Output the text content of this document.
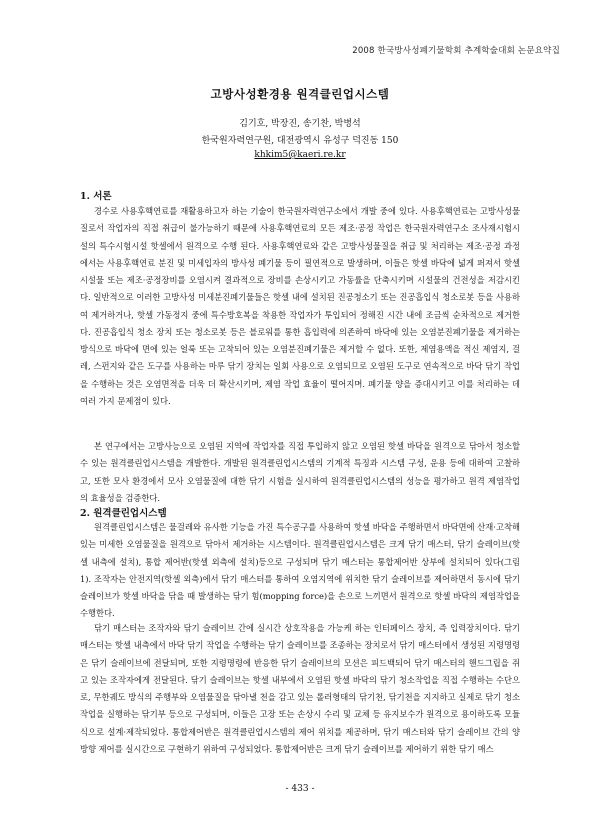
2008 한국방사성폐기물학회 추계학술대회 논문요약집
고방사성환경용 원격클린업시스템
김기호, 박장진, 송기찬, 박병석
한국원자력연구원, 대전광역시 유성구 덕진동 150
khkim5@kaeri.re.kr
1. 서론
경수로 사용후핵연료를 재활용하고자 하는 기술이 한국원자력연구소에서 개발 중에 있다. 사용후핵연료는 고방사성물질로서 작업자의 직접 취급이 불가능하기 때문에 사용후핵연료의 모든 제조·공정 작업은 한국원자력연구소 조사재시험시설의 특수시험시설 핫셀에서 원격으로 수행 된다. 사용후핵연료와 같은 고방사성물질을 취급 및 처리하는 제조·공정 과정에서는 사용후핵연료 분진 및 미세입자의 방사성 폐기물 등이 필연적으로 발생하며, 이들은 핫셀 바닥에 넓게 퍼져서 핫셀 시설물 또는 제조·공정장비를 오염시켜 결과적으로 장비를 손상시키고 가동률을 단축시키며 시설물의 건전성을 저감시킨다. 일반적으로 이러한 고방사성 미세분진폐기물들은 핫셀 내에 설치된 진공청소기 또는 진공흡입식 청소로봇 등을 사용하여 제거하거나, 핫셀 가동정지 중에 특수방호복을 착용한 작업자가 투입되어 정해진 시간 내에 조금씩 순차적으로 제거한다. 진공흡입식 청소 장치 또는 청소로봇 등은 블로워를 통한 흡입력에 의존하여 바닥에 있는 오염분진폐기물을 제거하는 방식으로 바닥에 면에 있는 얼룩 또는 고착되어 있는 오염분진폐기물은 제거할 수 없다. 또한, 제염용액을 적신 제염지, 걸레, 스펀지와 같은 도구를 사용하는 마루 닦기 장치는 일회 사용으로 오염되므로 오염된 도구로 연속적으로 바닥 닦기 작업을 수행하는 것은 오염면적을 더욱 더 확산시키며, 제염 작업 효율이 떨어지며. 폐기물 양을 증대시키고 이를 처리하는 데 여러 가지 문제점이 있다.
본 연구에서는 고방사능으로 오염된 지역에 작업자를 직접 투입하지 않고 오염된 핫셀 바닥을 원격으로 닦아서 청소할 수 있는 원격클린업시스템을 개발한다. 개발된 원격클린업시스템의 기계적 특징과 시스템 구성, 운용 등에 대하여 고찰하고, 또한 모사 환경에서 모사 오염물질에 대한 닦기 시험을 실시하여 원격클린업시스템의 성능을 평가하고 원격 제염작업의 효율성을 검증한다.
2. 원격클린업시스템
원격클린업시스템은 물걸레와 유사한 기능을 가진 특수공구를 사용하여 핫셀 바닥을 주행하면서 바닥면에 산재·고착해 있는 미세한 오염물질을 원격으로 닦아서 제거하는 시스템이다. 원격클린업시스템은 크게 닦기 매스터, 닦기 슬레이브(핫셀 내측에 설치), 통합 제어반(핫셀 외측에 설치)등으로 구성되며 닦기 매스터는 통합제어반 상부에 설치되어 있다(그림 1). 조작자는 안전지역(핫셀 외측)에서 닦기 매스터를 통하여 오염지역에 위치한 닦기 슬레이브를 제어하면서 동시에 닦기 슬레이브가 핫셀 바닥을 닦을 때 발생하는 닦기 힘(mopping force)을 손으로 느끼면서 원격으로 핫셀 바닥의 제염작업을 수행한다.
닦기 매스터는 조작자와 닦기 슬레이브 간에 실시간 상호작용을 가능케 하는 인터페이스 장치, 즉 입력장치이다. 닦기 매스터는 핫셀 내측에서 바닥 닦기 작업을 수행하는 닦기 슬레이브를 조종하는 장치로서 닦기 매스터에서 생성된 지령명령은 닦기 슬레이브에 전달되며, 또한 지령명령에 반응한 닦기 슬레이브의 모션은 피드백되어 닦기 매스터의 핸드그립을 쥐고 있는 조작자에게 전달된다. 닦기 슬레이브는 핫셀 내부에서 오염된 핫셀 바닥의 닦기 청소작업을 직접 수행하는 수단으로, 무한궤도 방식의 주행부와 오염물질을 닦아낼 천을 감고 있는 롤러형태의 닦기천, 닦기천을 지지하고 실제로 닦기 청소작업을 실행하는 닦기부 등으로 구성되며, 이들은 고장 또는 손상시 수리 및 교체 등 유지보수가 원격으로 용이하도록 모듈식으로 설계·제작되었다. 통합제어반은 원격클린업시스템의 제어 위치를 제공하며, 닦기 매스터와 닦기 슬레이브 간의 양방향 제어를 실시간으로 구현하기 위하여 구성되었다. 통합제어반은 크게 닦기 슬레이브를 제어하기 위한 닦기 매스
- 433 -
